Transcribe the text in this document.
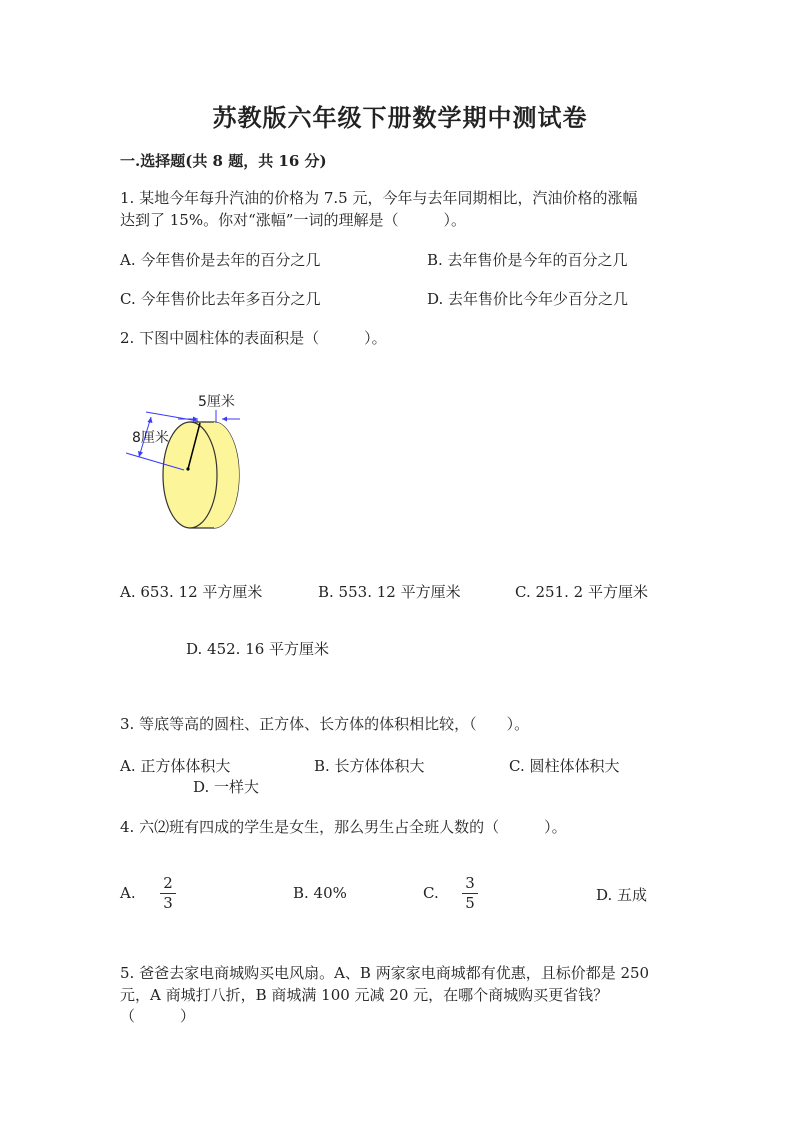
苏教版六年级下册数学期中测试卷
一.选择题(共 8 题，共 16 分)
1. 某地今年每升汽油的价格为 7.5 元，今年与去年同期相比，汽油价格的涨幅
达到了 15%。你对“涨幅”一词的理解是（　　　）。
A. 今年售价是去年的百分之几	B. 去年售价是今年的百分之几
C. 今年售价比去年多百分之几	D. 去年售价比今年少百分之几
2. 下图中圆柱体的表面积是（　　　）。
5厘米
8厘米
A. 653. 12 平方厘米	B. 553. 12 平方厘米	C. 251. 2 平方厘米
D. 452. 16 平方厘米
3. 等底等高的圆柱、正方体、长方体的体积相比较，（　　）。
A. 正方体体积大	B. 长方体体积大	C. 圆柱体体积大
D. 一样大
4. 六⑵班有四成的学生是女生，那么男生占全班人数的（　　　）。
A.
2
3
B. 40%	C.
3
5	D. 五成
5. 爸爸去家电商城购买电风扇。A、B 两家家电商城都有优惠，且标价都是 250
元，A 商城打八折，B 商城满 100 元减 20 元，在哪个商城购买更省钱？
（　　　）
